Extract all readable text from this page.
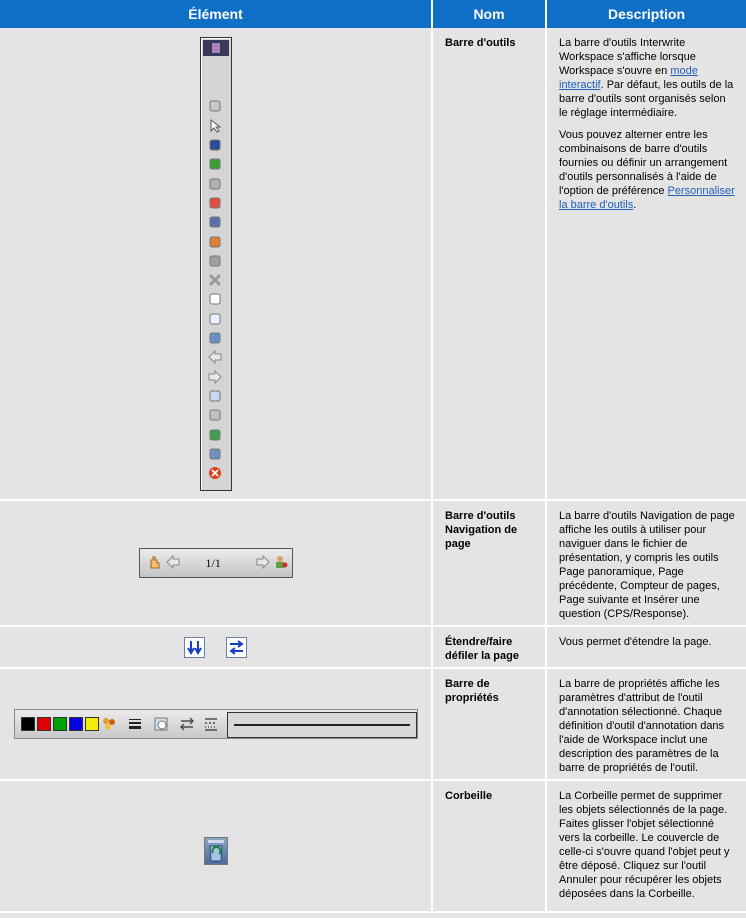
Élément	Nom	Description

	Barre d'outils	La barre d'outils Interwrite Workspace s'affiche lorsque Workspace s'ouvre en mode interactif. Par défaut, les outils de la barre d'outils sont organisés selon le réglage intermédiaire.

Vous pouvez alterner entre les combinaisons de barre d'outils fournies ou définir un arrangement d'outils personnalisés à l'aide de l'option de préférence Personnaliser la barre d'outils.

1/1	Barre d'outils Navigation de page	La barre d'outils Navigation de page affiche les outils à utiliser pour naviguer dans le fichier de présentation, y compris les outils Page panoramique, Page précédente, Compteur de pages, Page suivante et Insérer une question (CPS/Response).
	Étendre/faire défiler la page	Vous permet d'étendre la page.

	Barre de propriétés	La barre de propriétés affiche les paramètres d'attribut de l'outil d'annotation sélectionné. Chaque définition d'outil d'annotation dans l'aide de Workspace inclut une description des paramètres de la barre de propriétés de l'outil.
	Corbeille	La Corbeille permet de supprimer les objets sélectionnés de la page. Faites glisser l'objet sélectionné vers la corbeille. Le couvercle de celle-ci s'ouvre quand l'objet peut y être déposé. Cliquez sur l'outil Annuler pour récupérer les objets déposées dans la Corbeille.
